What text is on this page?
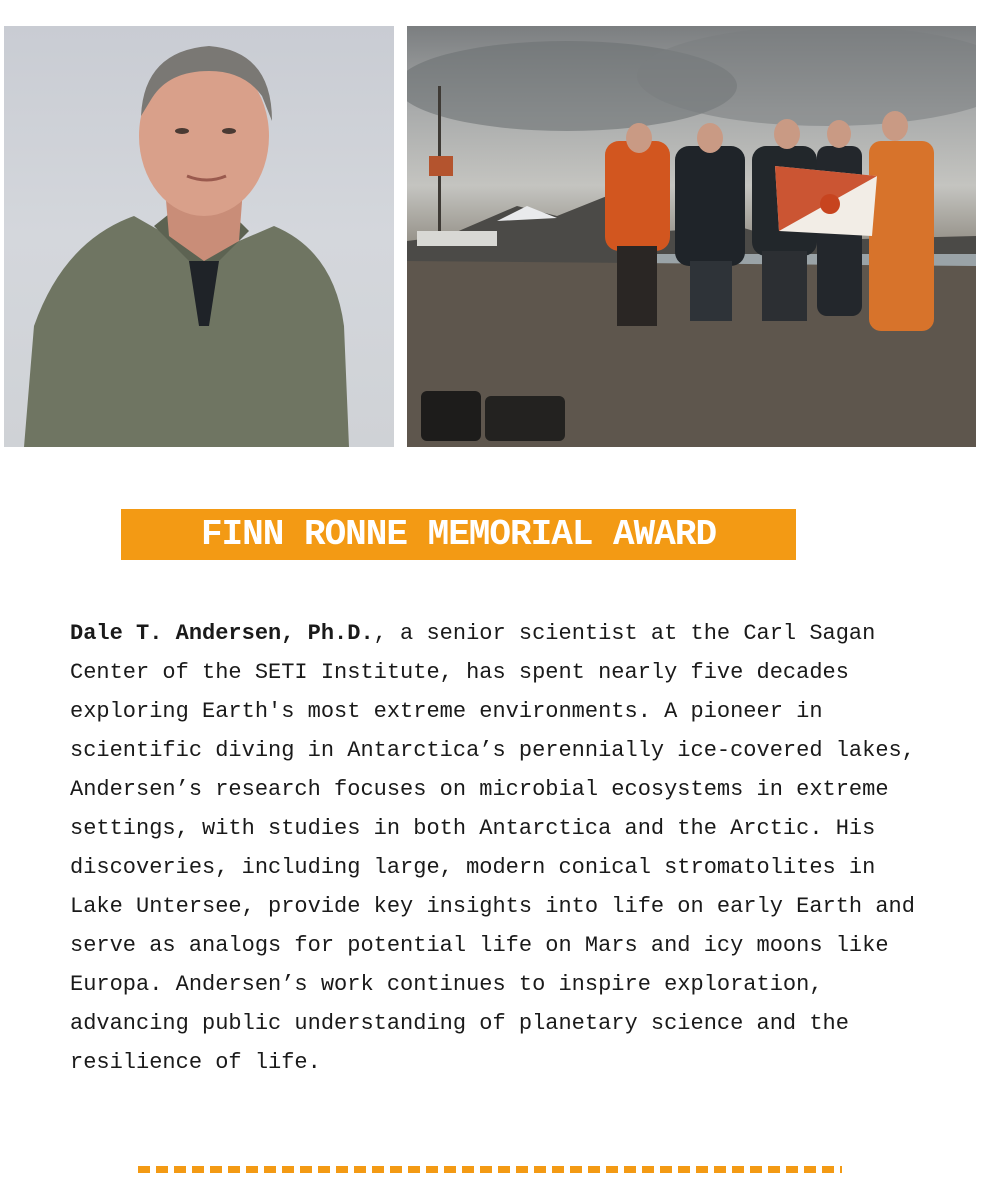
FINN RONNE MEMORIAL AWARD

Dale T. Andersen, Ph.D., a senior scientist at the Carl Sagan Center of the SETI Institute, has spent nearly five decades exploring Earth's most extreme environments. A pioneer in scientific diving in Antarctica’s perennially ice-covered lakes, Andersen’s research focuses on microbial ecosystems in extreme settings, with studies in both Antarctica and the Arctic. His discoveries, including large, modern conical stromatolites in Lake Untersee, provide key insights into life on early Earth and serve as analogs for potential life on Mars and icy moons like Europa. Andersen’s work continues to inspire exploration, advancing public understanding of planetary science and the resilience of life.
